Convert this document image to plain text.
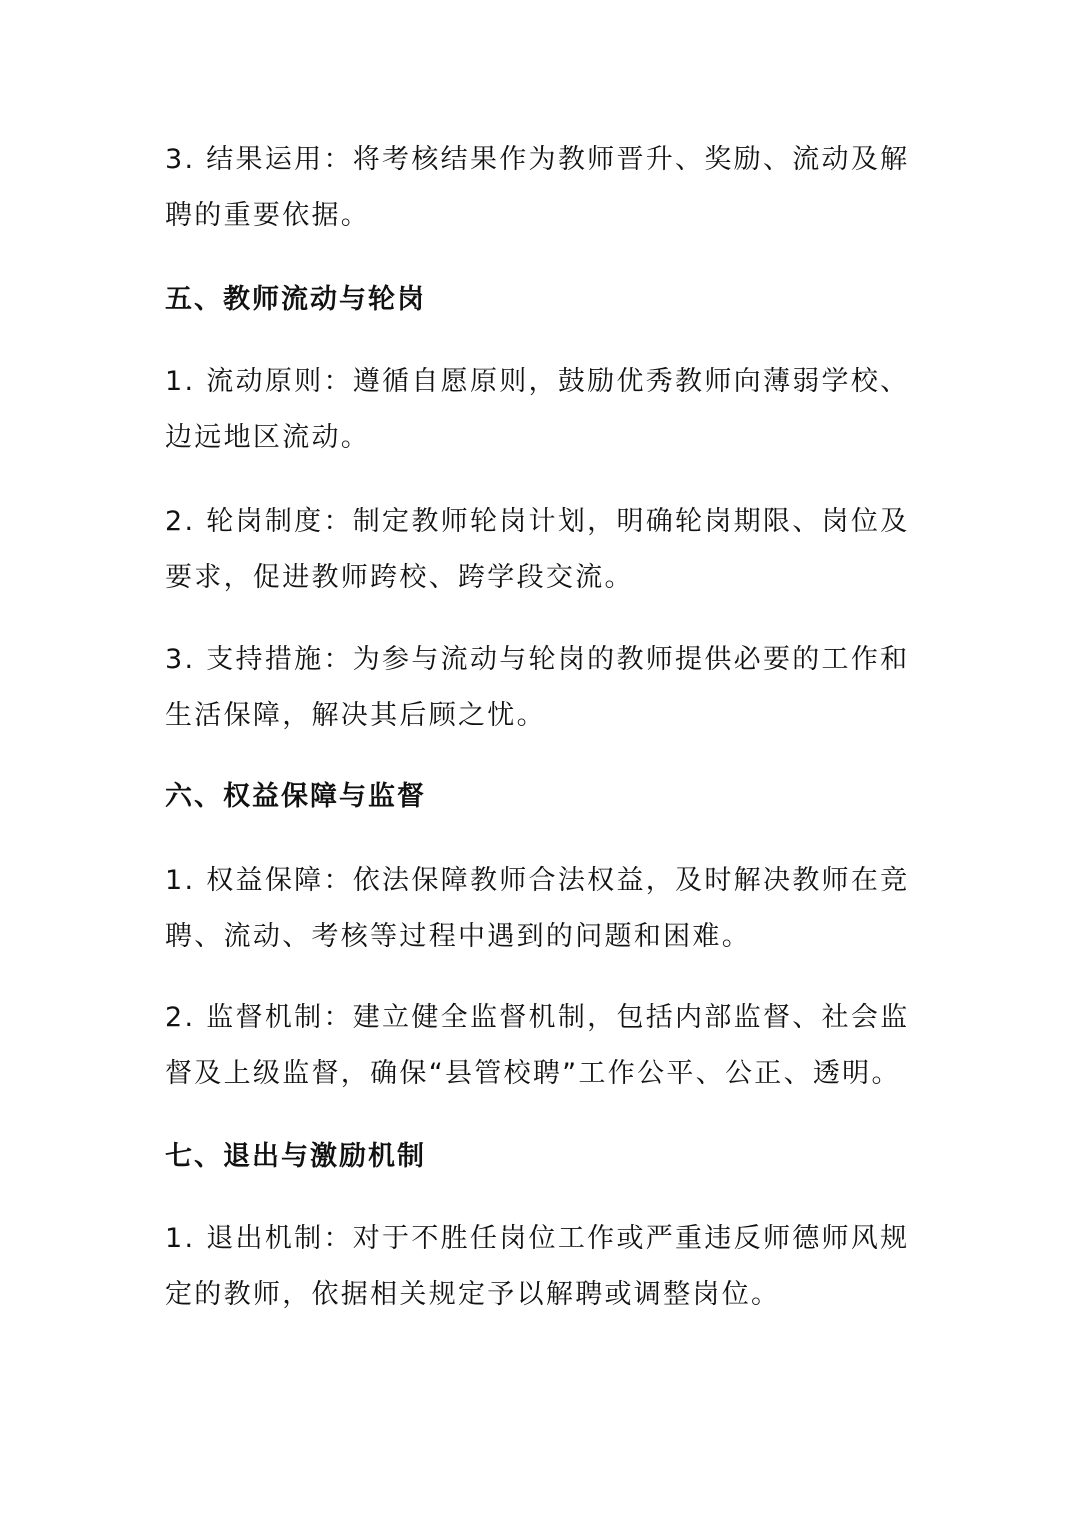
3. 结果运用：将考核结果作为教师晋升、奖励、流动及解聘的重要依据。

五、教师流动与轮岗

1. 流动原则：遵循自愿原则，鼓励优秀教师向薄弱学校、边远地区流动。

2. 轮岗制度：制定教师轮岗计划，明确轮岗期限、岗位及要求，促进教师跨校、跨学段交流。

3. 支持措施：为参与流动与轮岗的教师提供必要的工作和生活保障，解决其后顾之忧。

六、权益保障与监督

1. 权益保障：依法保障教师合法权益，及时解决教师在竞聘、流动、考核等过程中遇到的问题和困难。

2. 监督机制：建立健全监督机制，包括内部监督、社会监督及上级监督，确保“县管校聘”工作公平、公正、透明。

七、退出与激励机制

1. 退出机制：对于不胜任岗位工作或严重违反师德师风规定的教师，依据相关规定予以解聘或调整岗位。
